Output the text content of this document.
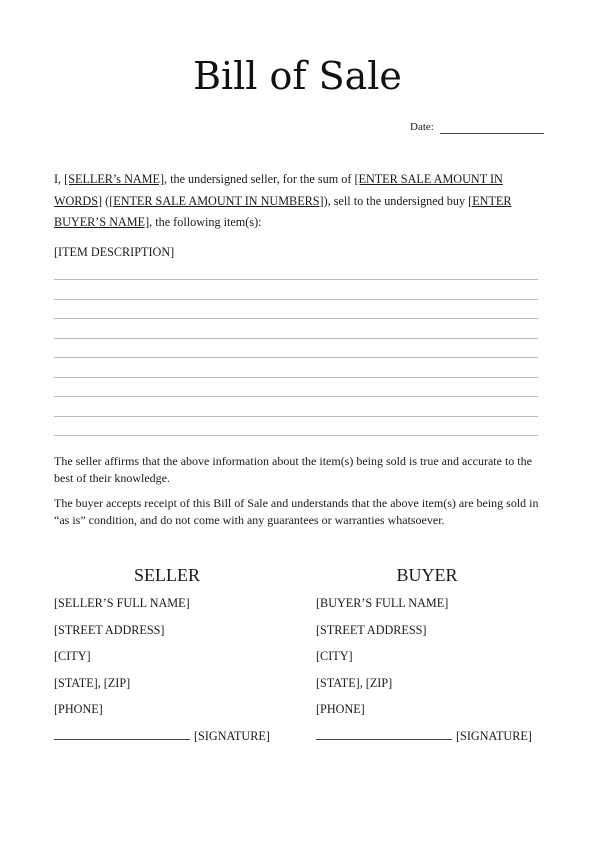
Bill of Sale
Date:
I, [SELLER’s NAME], the undersigned seller, for the sum of [ENTER SALE AMOUNT IN WORDS] ([ENTER SALE AMOUNT IN NUMBERS]), sell to the undersigned buy [ENTER BUYER’S NAME], the following item(s):
[ITEM DESCRIPTION]
The seller affirms that the above information about the item(s) being sold is true and accurate to the best of their knowledge.
The buyer accepts receipt of this Bill of Sale and understands that the above item(s) are being sold in “as is” condition, and do not come with any guarantees or warranties whatsoever.
SELLER
[SELLER’S FULL NAME]
[STREET ADDRESS]
[CITY]
[STATE], [ZIP]
[PHONE]
[SIGNATURE]
BUYER
[BUYER’S FULL NAME]
[STREET ADDRESS]
[CITY]
[STATE], [ZIP]
[PHONE]
[SIGNATURE]
